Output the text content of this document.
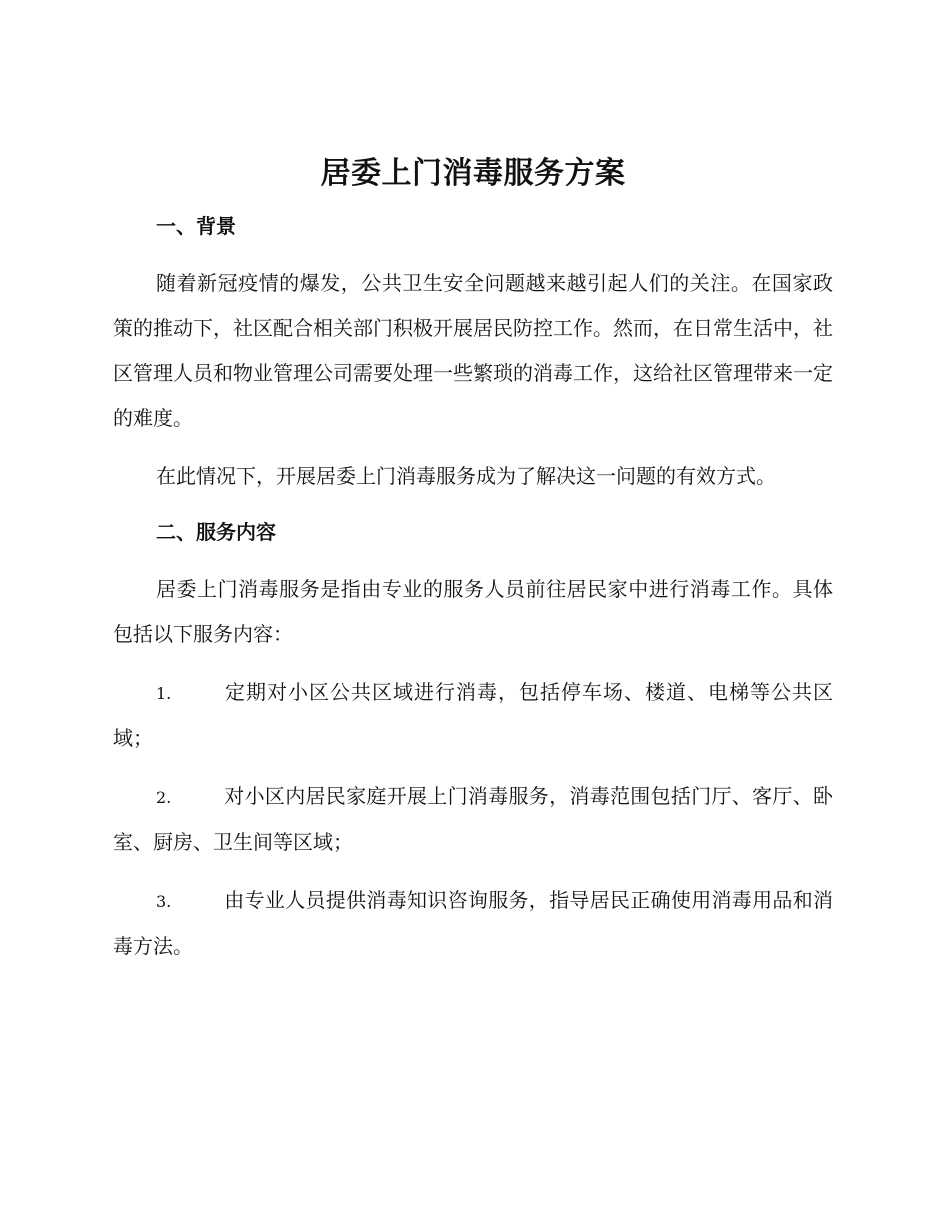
居委上门消毒服务方案
一、背景

随着新冠疫情的爆发，公共卫生安全问题越来越引起人们的关注。在国家政策的推动下，社区配合相关部门积极开展居民防控工作。然而，在日常生活中，社区管理人员和物业管理公司需要处理一些繁琐的消毒工作，这给社区管理带来一定的难度。

在此情况下，开展居委上门消毒服务成为了解决这一问题的有效方式。

二、服务内容

居委上门消毒服务是指由专业的服务人员前往居民家中进行消毒工作。具体包括以下服务内容：

1.	定期对小区公共区域进行消毒，包括停车场、楼道、电梯等公共区域；

2.	对小区内居民家庭开展上门消毒服务，消毒范围包括门厅、客厅、卧室、厨房、卫生间等区域；

3.	由专业人员提供消毒知识咨询服务，指导居民正确使用消毒用品和消毒方法。
